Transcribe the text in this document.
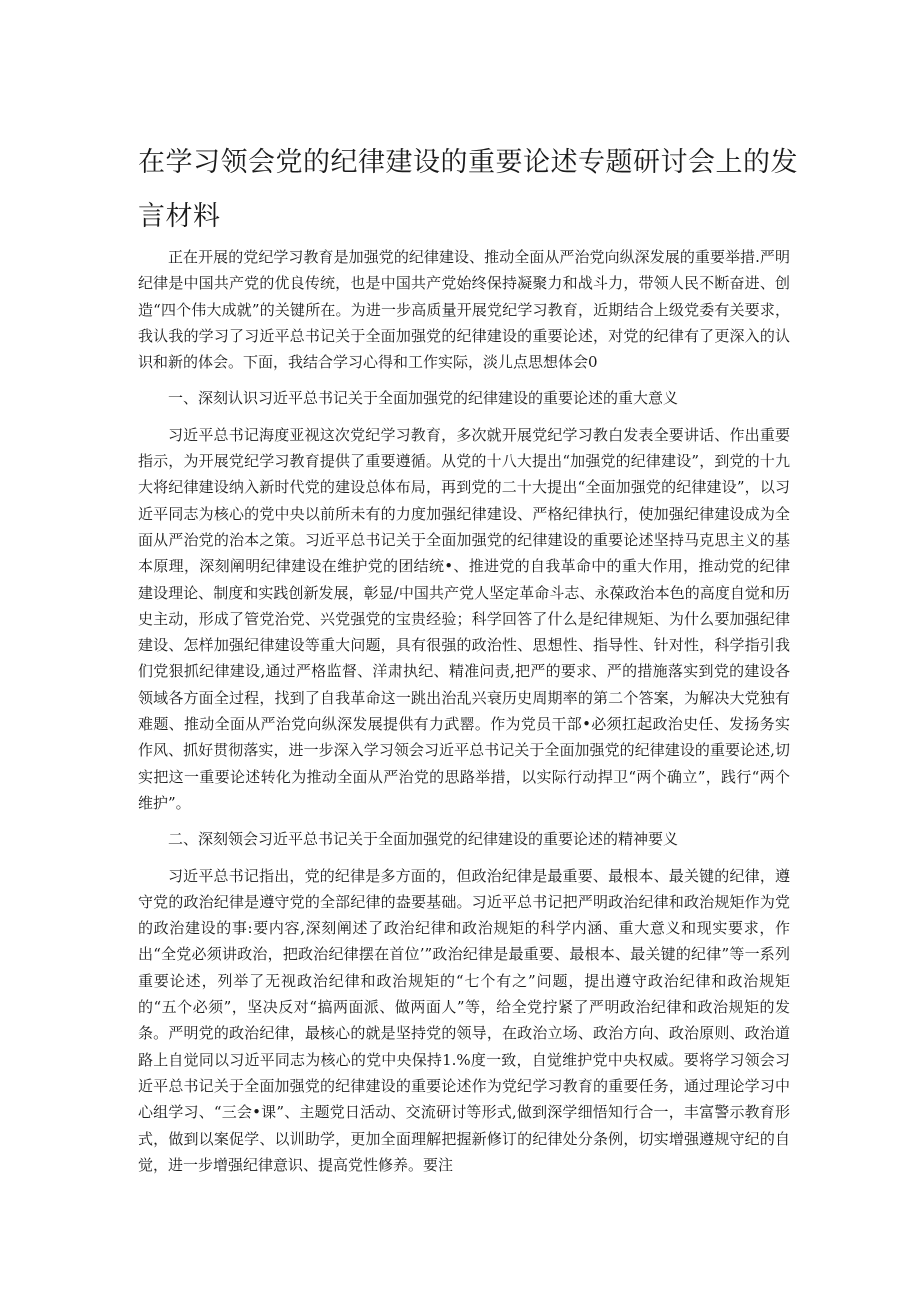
在学习领会党的纪律建设的重要论述专题研讨会上的发言材料

正在开展的党纪学习教育是加强党的纪律建设、推动全面从严治党向纵深发展的重要举措.严明纪律是中国共产党的优良传统，也是中国共产党始终保持凝聚力和战斗力，带领人民不断奋进、创造“四个伟大成就”的关键所在。为进一步高质量开展党纪学习教育，近期结合上级党委有关要求，我认我的学习了习近平总书记关于全面加强党的纪律建设的重要论述，对党的纪律有了更深入的认识和新的体会。下面，我结合学习心得和工作实际，淡儿点思想体会0

一、深刻认识习近平总书记关于全面加强党的纪律建设的重要论述的重大意义

习近平总书记海度亚视这次党纪学习教育，多次就开展党纪学习教白发表全要讲话、作出重要指示，为开展党纪学习教育提供了重要遵循。从党的十八大提出“加强党的纪律建设”，到党的十九大将纪律建设纳入新时代党的建设总体布局，再到党的二十大提出“全面加强党的纪律建设”，以习近平同志为核心的党中央以前所未有的力度加强纪律建设、严格纪律执行，使加强纪律建设成为全面从严治党的治本之策。习近平总书记关于全面加强党的纪律建设的重要论述坚持马克思主义的基本原理，深刻阐明纪律建设在维护党的团结统•、推进党的自我革命中的重大作用，推动党的纪律建设理论、制度和实践创新发展，彰显/中国共产党人坚定革命斗志、永葆政治本色的高度自觉和历史主动，形成了管党治党、兴党强党的宝贵经验；科学回答了什么是纪律规矩、为什么要加强纪律建设、怎样加强纪律建设等重大问题，具有很强的政治性、思想性、指导性、针对性，科学指引我们党狠抓纪律建设,通过严格监督、洋肃执纪、精准问责,把严的要求、严的措施落实到党的建设各领域各方面全过程，找到了自我革命这一跳出治乱兴衰历史周期率的第二个答案，为解决大党独有难题、推动全面从严治党向纵深发展提供有力武罂。作为党员干部•必须扛起政治史任、发扬务实作风、抓好贯彻落实，进一步深入学习领会习近平总书记关于全面加强党的纪律建设的重要论述,切实把这一重要论述转化为推动全面从严治党的思路举措，以实际行动捍卫“两个确立”，践行“两个维护”。

二、深刻领会习近平总书记关于全面加强党的纪律建设的重要论述的精神要义

习近平总书记指出，党的纪律是多方面的，但政治纪律是最重要、最根本、最关键的纪律，遵守党的政治纪律是遵守党的全部纪律的盎要基础。习近平总书记把严明政治纪律和政治规矩作为党的政治建设的事:要内容,深刻阐述了政治纪律和政治规矩的科学内涵、重大意义和现实要求，作出“全党必须讲政治，把政治纪律摆在首位’”政治纪律是最重要、最根本、最关键的纪律”等一系列重要论述，列举了无视政治纪律和政治规矩的“七个有之”问题，提出遵守政治纪律和政治规矩的“五个必须”，坚决反对“搞两面派、做两面人”等，给全党拧紧了严明政治纪律和政治规矩的发条。严明党的政治纪律，最核心的就是坚持党的领导，在政治立场、政治方向、政治原则、政治道路上自觉同以习近平同志为核心的党中央保持1.%度一致，自觉维护党中央权威。要将学习领会习近平总书记关于全面加强党的纪律建设的重要论述作为党纪学习教育的重要任务，通过理论学习中心组学习、“三会•课”、主题党日活动、交流研讨等形式,做到深学细悟知行合一，丰富警示教育形式，做到以案促学、以训助学，更加全面理解把握新修订的纪律处分条例，切实增强遵规守纪的自觉，进一步增强纪律意识、提高党性修养。要注
